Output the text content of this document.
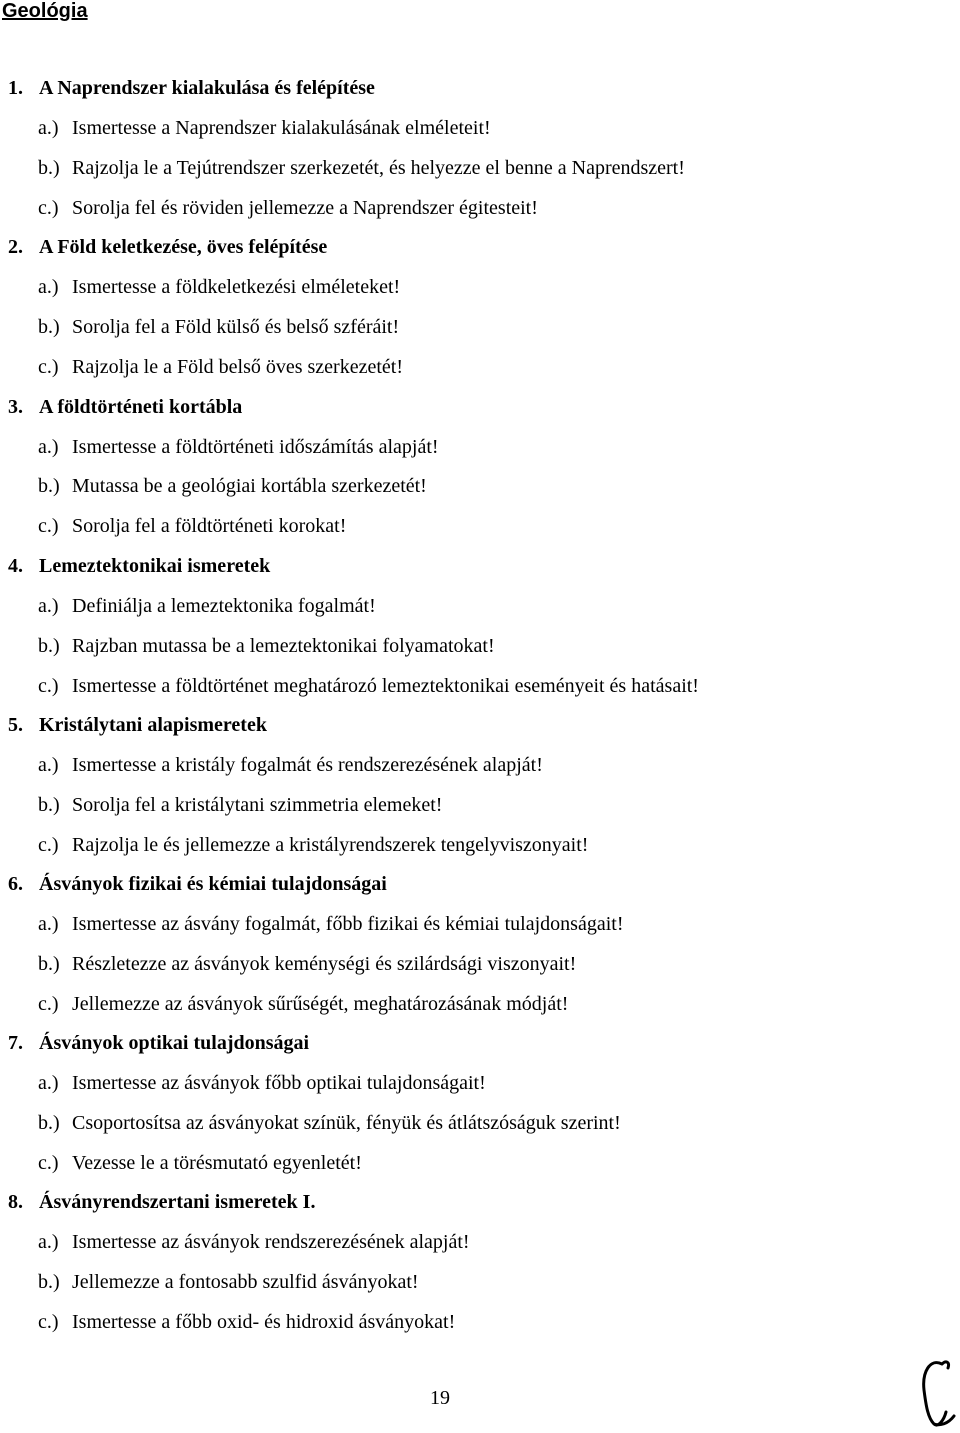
Geológia
1. A Naprendszer kialakulása és felépítése
a.) Ismertesse a Naprendszer kialakulásának elméleteit!
b.) Rajzolja le a Tejútrendszer szerkezetét, és helyezze el benne a Naprendszert!
c.) Sorolja fel és röviden jellemezze a Naprendszer égitesteit!
2. A Föld keletkezése, öves felépítése
a.) Ismertesse a földkeletkezési elméleteket!
b.) Sorolja fel a Föld külső és belső szféráit!
c.) Rajzolja le a Föld belső öves szerkezetét!
3. A földtörténeti kortábla
a.) Ismertesse a földtörténeti időszámítás alapját!
b.) Mutassa be a geológiai kortábla szerkezetét!
c.) Sorolja fel a földtörténeti korokat!
4. Lemeztektonikai ismeretek
a.) Definiálja a lemeztektonika fogalmát!
b.) Rajzban mutassa be a lemeztektonikai folyamatokat!
c.) Ismertesse a földtörténet meghatározó lemeztektonikai eseményeit és hatásait!
5. Kristálytani alapismeretek
a.) Ismertesse a kristály fogalmát és rendszerezésének alapját!
b.) Sorolja fel a kristálytani szimmetria elemeket!
c.) Rajzolja le és jellemezze a kristályrendszerek tengelyviszonyait!
6. Ásványok fizikai és kémiai tulajdonságai
a.) Ismertesse az ásvány fogalmát, főbb fizikai és kémiai tulajdonságait!
b.) Részletezze az ásványok keménységi és szilárdsági viszonyait!
c.) Jellemezze az ásványok sűrűségét, meghatározásának módját!
7. Ásványok optikai tulajdonságai
a.) Ismertesse az ásványok főbb optikai tulajdonságait!
b.) Csoportosítsa az ásványokat színük, fényük és átlátszóságuk szerint!
c.) Vezesse le a törésmutató egyenletét!
8. Ásványrendszertani ismeretek I.
a.) Ismertesse az ásványok rendszerezésének alapját!
b.) Jellemezze a fontosabb szulfid ásványokat!
c.) Ismertesse a főbb oxid- és hidroxid ásványokat!
19
